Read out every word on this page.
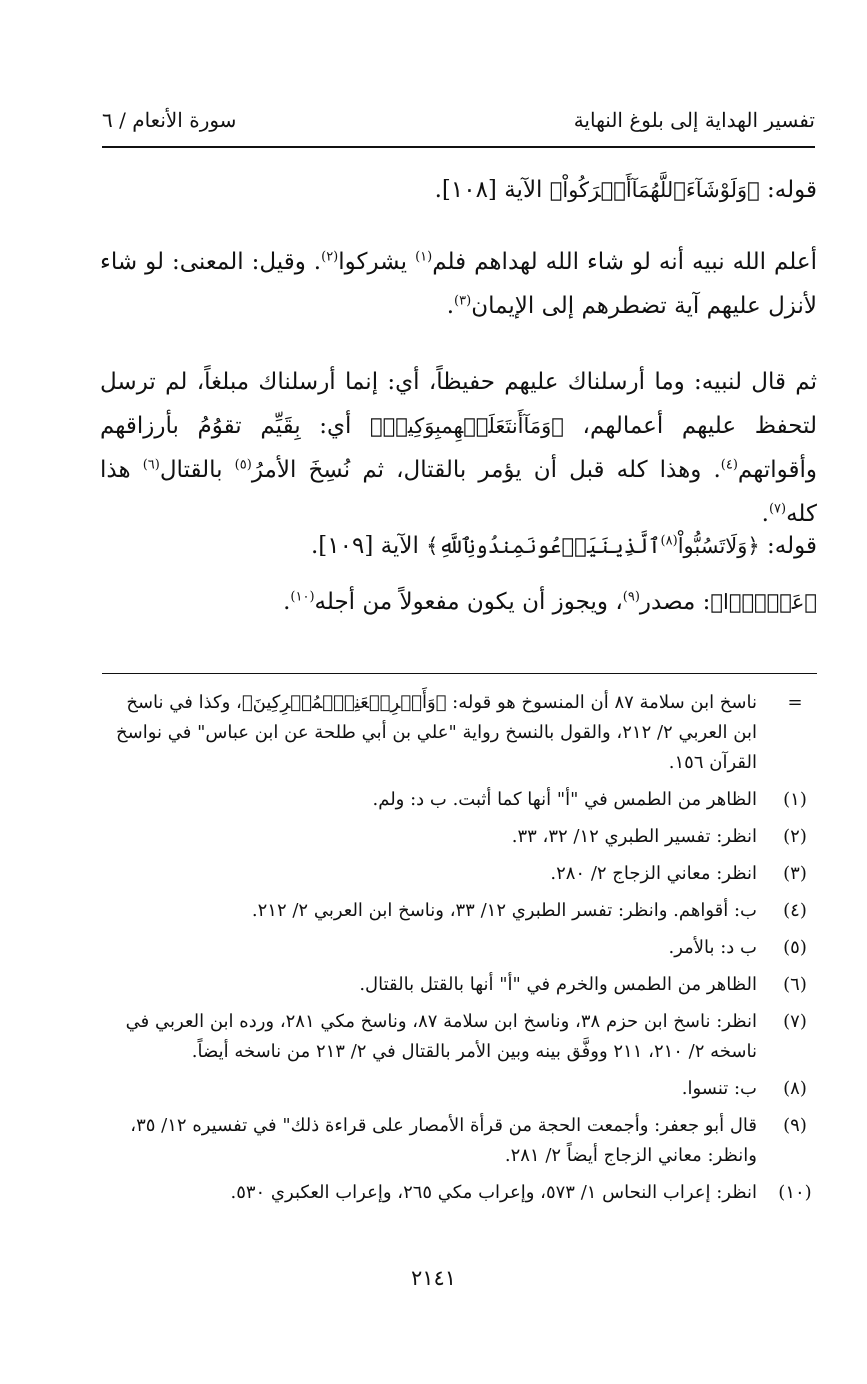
تفسير الهداية إلى بلوغ النهاية
سورة الأنعام / ٦

قوله: ﴿وَلَوْشَآءَٱللَّهُمَآأَشۡرَكُواْ﴾ الآية [١٠٨].

أعلم الله نبيه أنه لو شاء الله لهداهم فلم$^{(١)}$ يشركوا$^{(٢)}$. وقيل: المعنى: لو شاء لأنزل عليهم آية تضطرهم إلى الإيمان$^{(٣)}$.

ثم قال لنبيه: وما أرسلناك عليهم حفيظاً، أي: إنما أرسلناك مبلغاً، لم ترسل لتحفظ عليهم أعمالهم، ﴿وَمَآأَنتَعَلَيۡهِمبِوَكِيلٖ﴾ أي: بِقَيِّم تقوُمُ بأرزاقهم وأقواتهم$^{(٤)}$. وهذا كله قبل أن يؤمر بالقتال، ثم نُسِخَ الأمرُ$^{(٥)}$ بالقتال$^{(٦)}$ هذا كله$^{(٧)}$.

قوله: ﴿وَلَاتَسُبُّواْ$^{(٨)}$ٱلَّذِينَيَدۡعُونَمِندُونِٱللَّهِ﴾ الآية [١٠٩].

﴿عَدۡوَۢا﴾: مصدر$^{(٩)}$، ويجوز أن يكون مفعولاً من أجله$^{(١٠)}$.

=
ناسخ ابن سلامة ٨٧ أن المنسوخ هو قوله: ﴿وَأَعۡرِضۡعَنِٱلۡمُشۡرِكِينَ﴾، وكذا في ناسخ ابن العربي ٢/ ٢١٢، والقول بالنسخ رواية "علي بن أبي طلحة عن ابن عباس" في نواسخ القرآن ١٥٦.
(١)
الظاهر من الطمس في "أ" أنها كما أثبت. ب د: ولم.
(٢)
انظر: تفسير الطبري ١٢/ ٣٢، ٣٣.
(٣)
انظر: معاني الزجاج ٢/ ٢٨٠.
(٤)
ب: أقواهم. وانظر: تفسر الطبري ١٢/ ٣٣، وناسخ ابن العربي ٢/ ٢١٢.
(٥)
ب د: بالأمر.
(٦)
الظاهر من الطمس والخرم في "أ" أنها بالقتل بالقتال.
(٧)
انظر: ناسخ ابن حزم ٣٨، وناسخ ابن سلامة ٨٧، وناسخ مكي ٢٨١، ورده ابن العربي في ناسخه ٢/ ٢١٠، ٢١١ ووفَّق بينه وبين الأمر بالقتال في ٢/ ٢١٣ من ناسخه أيضاً.
(٨)
ب: تنسوا.
(٩)
قال أبو جعفر: وأجمعت الحجة من قرأة الأمصار على قراءة ذلك" في تفسيره ١٢/ ٣٥، وانظر: معاني الزجاج أيضاً ٢/ ٢٨١.
(١٠)
انظر: إعراب النحاس ١/ ٥٧٣، وإعراب مكي ٢٦٥، وإعراب العكبري ٥٣٠.
٢١٤١
